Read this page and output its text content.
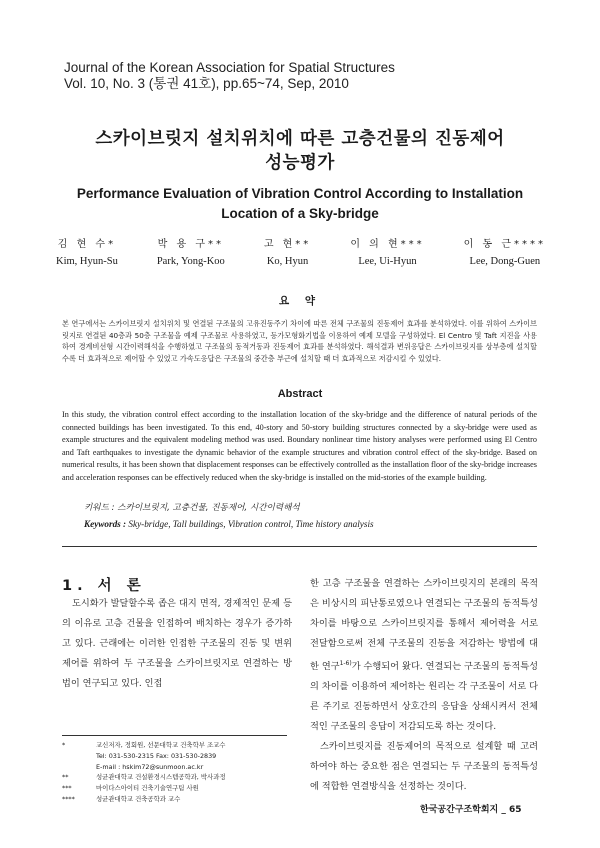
Journal of the Korean Association for Spatial Structures
Vol. 10, No. 3 (통권 41호), pp.65~74, Sep, 2010
스카이브릿지 설치위치에 따른 고층건물의 진동제어
성능평가
Performance Evaluation of Vibration Control According to Installation
Location of a Sky-bridge
김 현 수*
Kim, Hyun-Su
박 용 구**
Park, Yong-Koo
고 현**
Ko, Hyun
이 의 현***
Lee, Ui-Hyun
이 동 근****
Lee, Dong-Guen
요 약
본 연구에서는 스카이브릿지 설치위치 및 연결된 구조물의 고유진동주기 차이에 따른 전체 구조물의 진동제어 효과를 분석하였다. 이를 위하여 스카이브릿지로 연결된 40층과 50층 구조물을 예제 구조물로 사용하였고, 등가모형화기법을 이용하여 예제 모델을 구성하였다. El Centro 및 Taft 지진을 사용하여 경계비선형 시간이력해석을 수행하였고 구조물의 동적거동과 진동제어 효과를 분석하였다. 해석결과 변위응답은 스카이브릿지를 상부층에 설치할수록 더 효과적으로 제어할 수 있었고 가속도응답은 구조물의 중간층 부근에 설치할 때 더 효과적으로 저감시킬 수 있었다.
Abstract
In this study, the vibration control effect according to the installation location of the sky-bridge and the difference of natural periods of the connected buildings has been investigated. To this end, 40-story and 50-story building structures connected by a sky-bridge were used as example structures and the equivalent modeling method was used. Boundary nonlinear time history analyses were performed using El Centro and Taft earthquakes to investigate the dynamic behavior of the example structures and vibration control effect of the sky-bridge. Based on numerical results, it has been shown that displacement responses can be effectively controlled as the installation floor of the sky-bridge increases and acceleration responses can be effectively reduced when the sky-bridge is installed on the mid-stories of the example building.
키워드 : 스카이브릿지, 고층건물, 진동제어, 시간이력해석
Keywords : Sky-bridge, Tall buildings, Vibration control, Time history analysis
1. 서 론

도시화가 발달할수록 좁은 대지 면적, 경제적인 문제 등의 이유로 고층 건물을 인접하여 배치하는 경우가 증가하고 있다. 근래에는 이러한 인접한 구조물의 진동 및 변위 제어를 위하여 두 구조물을 스카이브릿지로 연결하는 방법이 연구되고 있다. 인접

한 고층 구조물을 연결하는 스카이브릿지의 본래의 목적은 비상시의 피난통로였으나 연결되는 구조물의 동적특성 차이를 바탕으로 스카이브릿지를 통해서 제어력을 서로 전달함으로써 전체 구조물의 진동을 저감하는 방법에 대한 연구$^{1-6)}$가 수행되어 왔다. 연결되는 구조물의 동적특성의 차이를 이용하여 제어하는 원리는 각 구조물이 서로 다른 주기로 진동하면서 상호간의 응답을 상쇄시켜서 전체적인 구조물의 응답이 저감되도록 하는 것이다.

스카이브릿지를 진동제어의 목적으로 설계할 때 고려하여야 하는 중요한 점은 연결되는 두 구조물의 동적특성에 적합한 연결방식을 선정하는 것이다.

*	교신저자, 정회원, 선문대학교 건축학부 조교수
Tel: 031-530-2315 Fax: 031-530-2839
E-mail : hskim72@sunmoon.ac.kr
**	성균관대학교 건설환경시스템공학과, 박사과정
***	마이다스아이티 건축기술연구팀 사원
****	성균관대학교 건축공학과 교수
한국공간구조학회지 _ 65
